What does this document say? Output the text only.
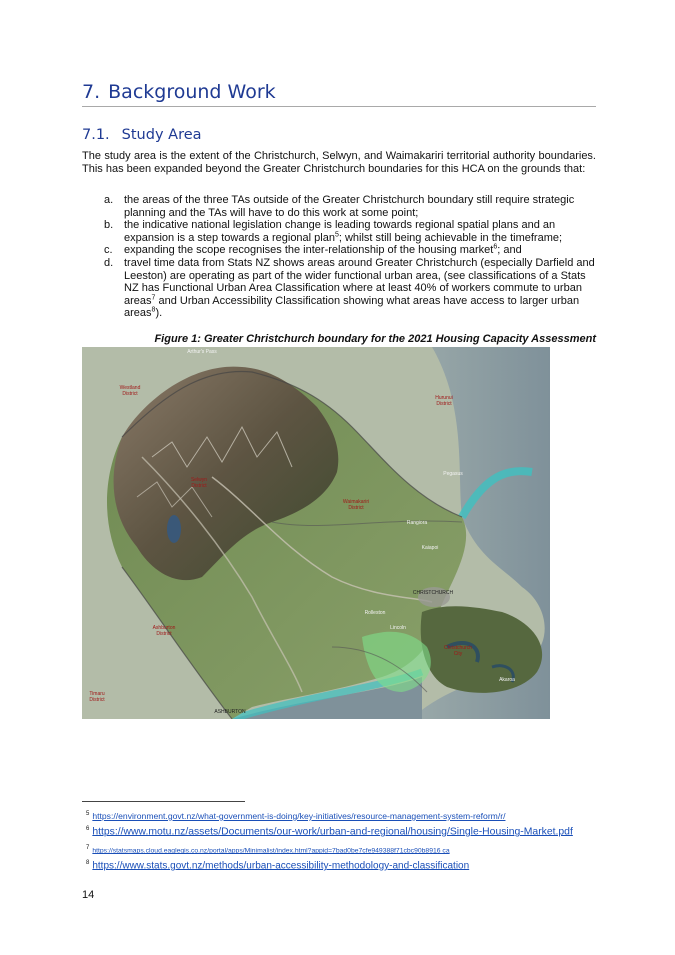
7. Background Work
7.1. Study Area
The study area is the extent of the Christchurch, Selwyn, and Waimakariri territorial authority boundaries. This has been expanded beyond the Greater Christchurch boundaries for this HCA on the grounds that:
a. the areas of the three TAs outside of the Greater Christchurch boundary still require strategic planning and the TAs will have to do this work at some point;
b. the indicative national legislation change is leading towards regional spatial plans and an expansion is a step towards a regional plan$^5$; whilst still being achievable in the timeframe;
c.	expanding the scope recognises the inter-relationship of the housing market$^6$; and
d. travel time data from Stats NZ shows areas around Greater Christchurch (especially Darfield and Leeston) are operating as part of the wider functional urban area, (see classifications of a Stats NZ has Functional Urban Area Classification where at least 40% of workers commute to urban areas$^7$ and Urban Accessibility Classification showing what areas have access to larger urban areas$^8$).
Figure 1: Greater Christchurch boundary for the 2021 Housing Capacity Assessment
Arthur's Pass
Westland
District
Hurunui
District
Selwyn
District
Waimakariri
District
Pegasus
Rangiora
Kaiapoi
CHRISTCHURCH
Rolleston
Lincoln
Ashburton
District
Christchurch
City
Akaroa
Timaru
District
ASHBURTON
$^5$ https://environment.govt.nz/what-government-is-doing/key-initiatives/resource-management-system-reform/r/
$^6$ https://www.motu.nz/assets/Documents/our-work/urban-and-regional/housing/Single-Housing-Market.pdf
7 https://statsmaps.cloud.eaglegis.co.nz/portal/apps/Minimalist/index.html?appid=7bad0be7cfe949388f71cbc90b8916 ca
$^8$ https://www.stats.govt.nz/methods/urban-accessibility-methodology-and-classification
14
